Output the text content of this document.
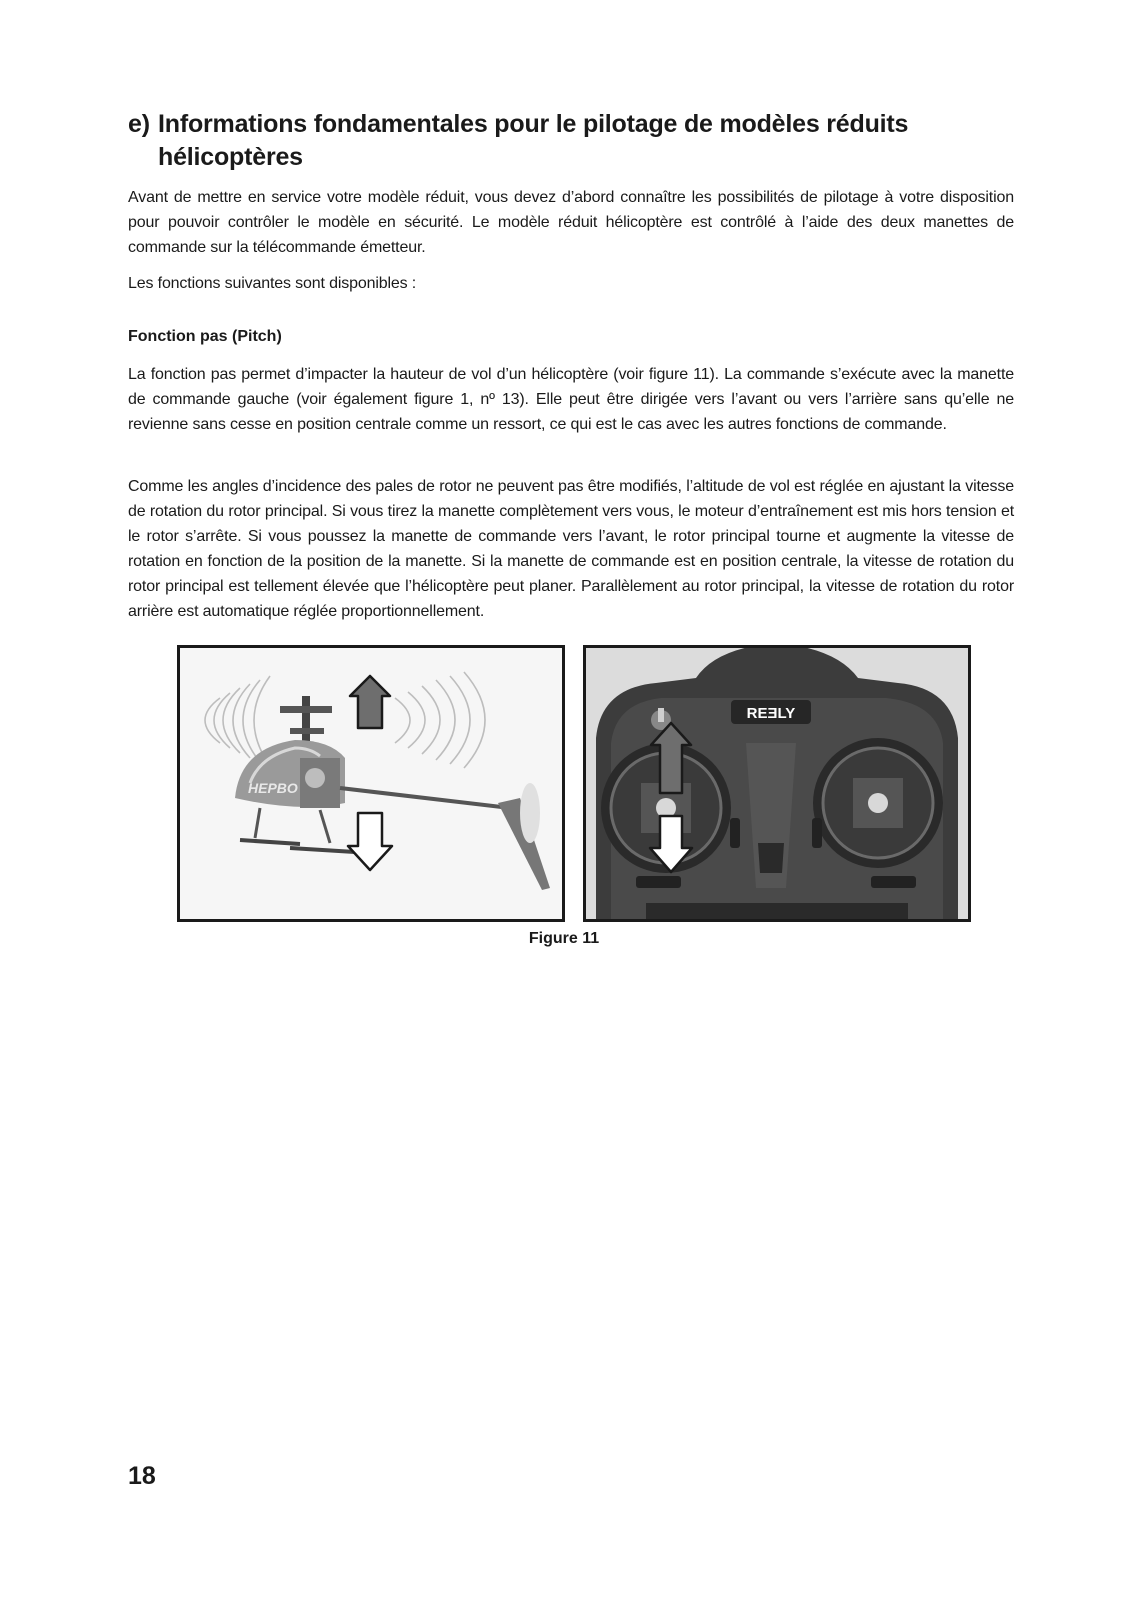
e) Informations fondamentales pour le pilotage de modèles réduits
hélicoptères

Avant de mettre en service votre modèle réduit, vous devez d’abord connaître les possibilités de pilotage à votre disposition pour pouvoir contrôler le modèle en sécurité. Le modèle réduit hélicoptère est contrôlé à l’aide des deux manettes de commande sur la télécommande émetteur.

Les fonctions suivantes sont disponibles :

Fonction pas (Pitch)

La fonction pas permet d’impacter la hauteur de vol d’un hélicoptère (voir figure 11). La commande s’exécute avec la manette de commande gauche (voir également figure 1, nº 13). Elle peut être dirigée vers l’avant ou vers l’arrière sans qu’elle ne revienne sans cesse en position centrale comme un ressort, ce qui est le cas avec les autres fonctions de commande.

Comme les angles d’incidence des pales de rotor ne peuvent pas être modifiés, l’altitude de vol est réglée en ajustant la vitesse de rotation du rotor principal. Si vous tirez la manette complètement vers vous, le moteur d’entraînement est mis hors tension et le rotor s’arrête. Si vous poussez la manette de commande vers l’avant, le rotor principal tourne et augmente la vitesse de rotation en fonction de la position de la manette. Si la manette de commande est en position centrale, la vitesse de rotation du rotor principal est tellement élevée que l’hélicoptère peut planer. Parallèlement au rotor principal, la vitesse de rotation du rotor arrière est automatique réglée proportionnellement.

HEPBO
REƎLY
Figure 11
18
